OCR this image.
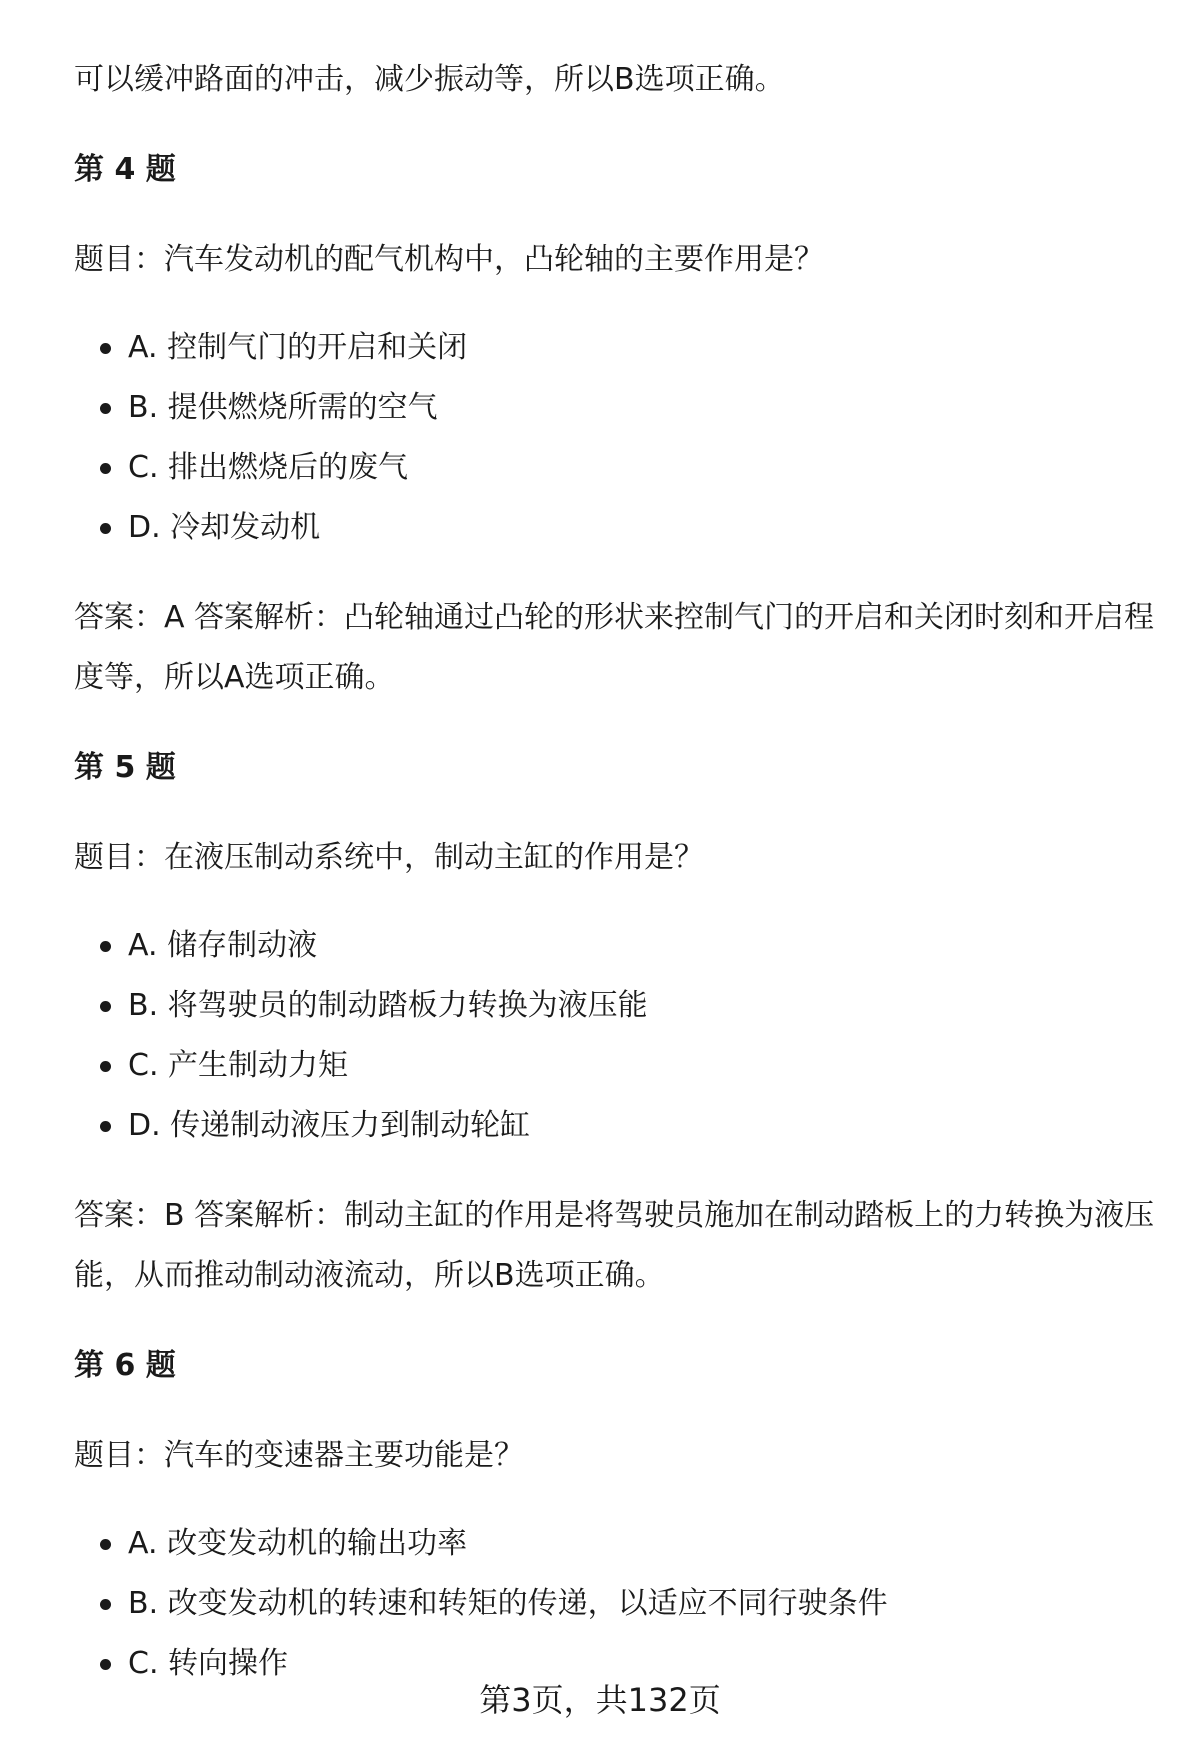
可以缓冲路面的冲击，减少振动等，所以B选项正确。
第 4 题
题目：汽车发动机的配气机构中，凸轮轴的主要作用是？
A. 控制气门的开启和关闭
B. 提供燃烧所需的空气
C. 排出燃烧后的废气
D. 冷却发动机
答案：A 答案解析：凸轮轴通过凸轮的形状来控制气门的开启和关闭时刻和开启程
度等，所以A选项正确。
第 5 题
题目：在液压制动系统中，制动主缸的作用是？
A. 储存制动液
B. 将驾驶员的制动踏板力转换为液压能
C. 产生制动力矩
D. 传递制动液压力到制动轮缸
答案：B 答案解析：制动主缸的作用是将驾驶员施加在制动踏板上的力转换为液压
能，从而推动制动液流动，所以B选项正确。
第 6 题
题目：汽车的变速器主要功能是？
A. 改变发动机的输出功率
B. 改变发动机的转速和转矩的传递，以适应不同行驶条件
C. 转向操作
第3页，共132页
